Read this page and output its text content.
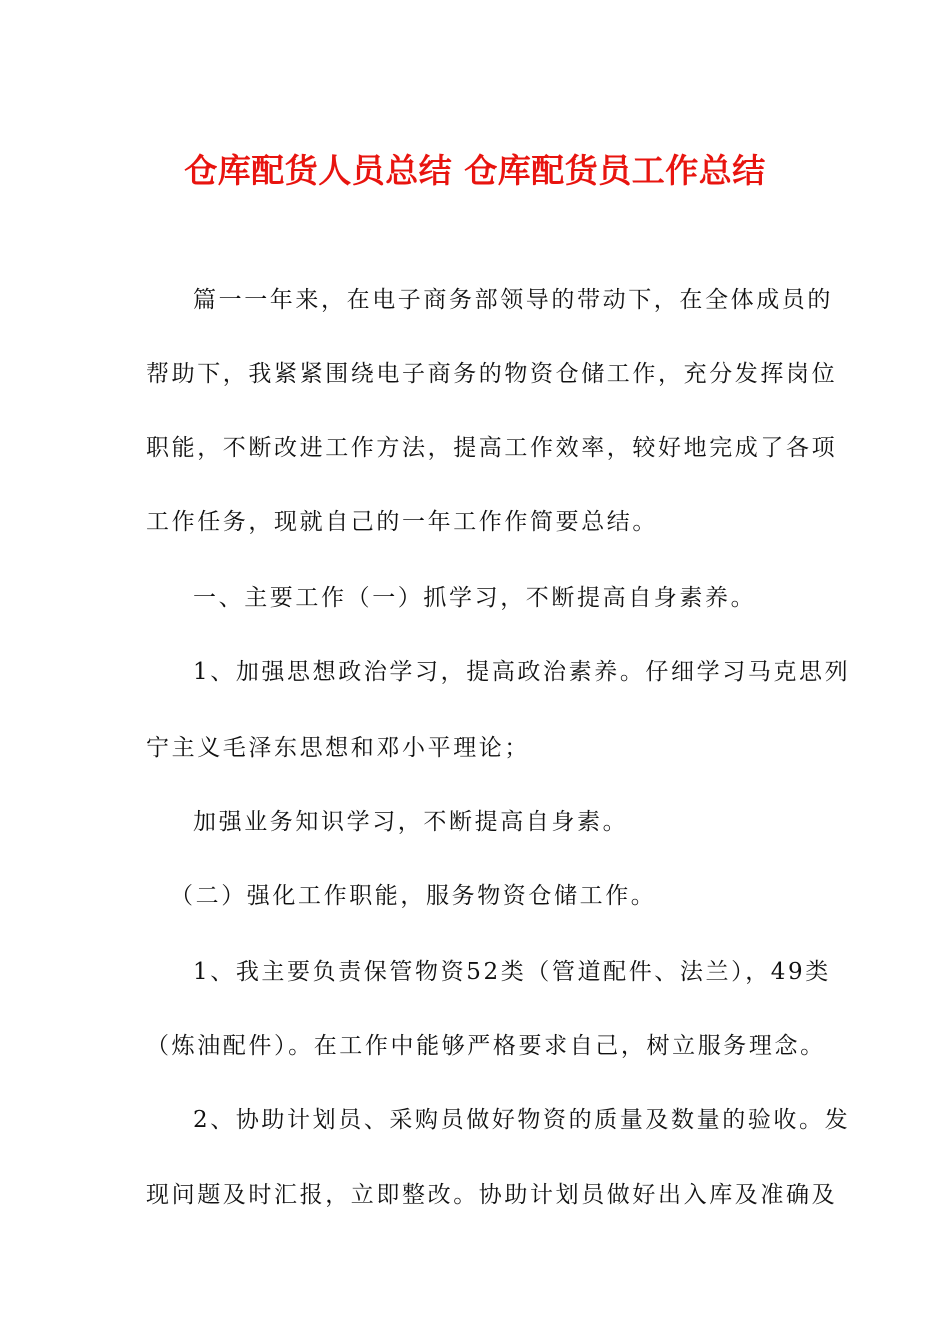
仓库配货人员总结 仓库配货员工作总结
篇一一年来，在电子商务部领导的带动下，在全体成员的
帮助下，我紧紧围绕电子商务的物资仓储工作，充分发挥岗位
职能，不断改进工作方法，提高工作效率，较好地完成了各项
工作任务，现就自己的一年工作作简要总结。
一、主要工作（一）抓学习，不断提高自身素养。
1、加强思想政治学习，提高政治素养。仔细学习马克思列
宁主义毛泽东思想和邓小平理论；
加强业务知识学习，不断提高自身素。
（二）强化工作职能，服务物资仓储工作。
1、我主要负责保管物资52类（管道配件、法兰），49类
（炼油配件）。在工作中能够严格要求自己，树立服务理念。
2、协助计划员、采购员做好物资的质量及数量的验收。发
现问题及时汇报，立即整改。协助计划员做好出入库及准确及
